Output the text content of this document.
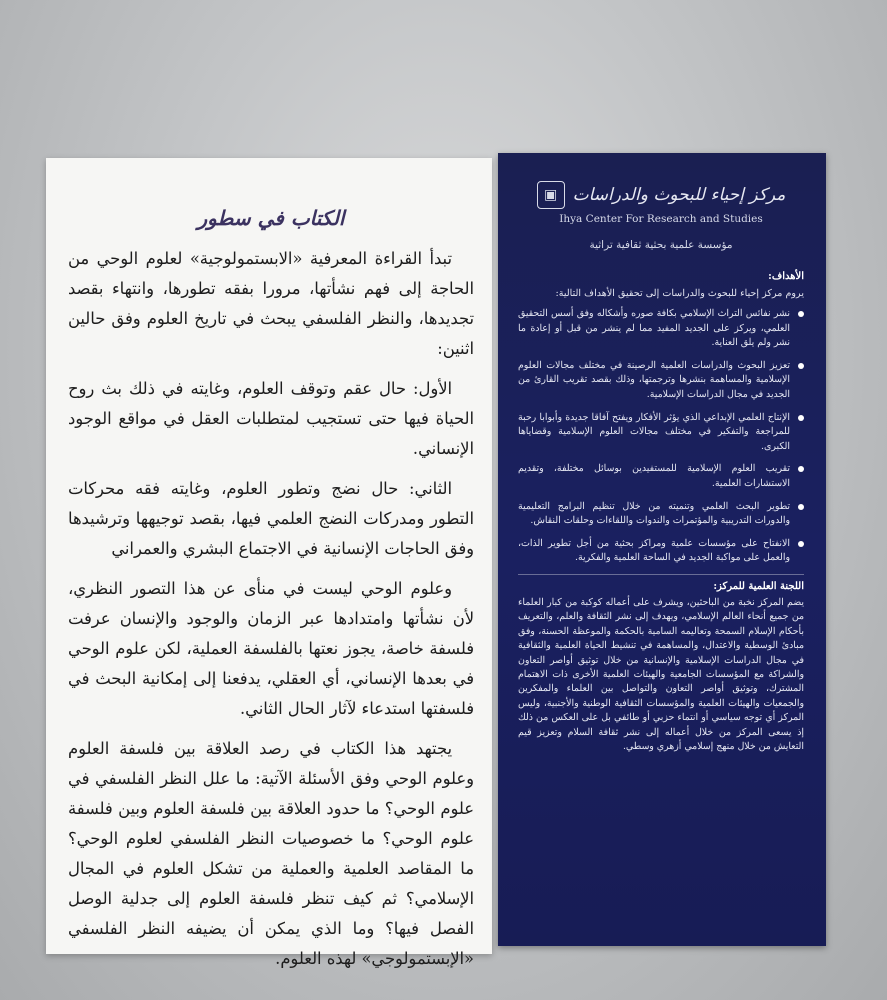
الكتاب في سطور

تبدأ القراءة المعرفية «الابستمولوجية» لعلوم الوحي من الحاجة إلى فهم نشأتها، مرورا بفقه تطورها، وانتهاء بقصد تجديدها، والنظر الفلسفي يبحث في تاريخ العلوم وفق حالين اثنين:

الأول: حال عقم وتوقف العلوم، وغايته في ذلك بث روح الحياة فيها حتى تستجيب لمتطلبات العقل في مواقع الوجود الإنساني.

الثاني: حال نضج وتطور العلوم، وغايته فقه محركات التطور ومدركات النضج العلمي فيها، بقصد توجيهها وترشيدها وفق الحاجات الإنسانية في الاجتماع البشري والعمراني

وعلوم الوحي ليست في منأى عن هذا التصور النظري، لأن نشأتها وامتدادها عبر الزمان والوجود والإنسان عرفت فلسفة خاصة، يجوز نعتها بالفلسفة العملية، لكن علوم الوحي في بعدها الإنساني، أي العقلي، يدفعنا إلى إمكانية البحث في فلسفتها استدعاء لآثار الحال الثاني.

يجتهد هذا الكتاب في رصد العلاقة بين فلسفة العلوم وعلوم الوحي وفق الأسئلة الآتية: ما علل النظر الفلسفي في علوم الوحي؟ ما حدود العلاقة بين فلسفة العلوم وبين فلسفة علوم الوحي؟ ما خصوصيات النظر الفلسفي لعلوم الوحي؟ ما المقاصد العلمية والعملية من تشكل العلوم في المجال الإسلامي؟ ثم كيف تنظر فلسفة العلوم إلى جدلية الوصل الفصل فيها؟ وما الذي يمكن أن يضيفه النظر الفلسفي «الإبستمولوجي» لهذه العلوم.

مركز إحياء للبحوث والدراسات
▣
Ihya Center For Research and Studies
مؤسسة علمية بحثية ثقافية تراثية
الأهداف:

يروم مركز إحياء للبحوث والدراسات إلى تحقيق الأهداف التالية:

نشر نفائس التراث الإسلامي بكافة صوره وأشكاله وفق أسس التحقيق العلمي، ويركز على الجديد المفيد مما لم ينشر من قبل أو إعادة ما نشر ولم يلق العناية.
تعزيز البحوث والدراسات العلمية الرصينة في مختلف مجالات العلوم الإسلامية والمساهمة بنشرها وترجمتها، وذلك بقصد تقريب القارئ من الجديد في مجال الدراسات الإسلامية.
الإنتاج العلمي الإبداعي الذي يؤثر الأفكار ويفتح آفاقا جديدة وأبوابا رحبة للمراجعة والتفكير في مختلف مجالات العلوم الإسلامية وقضاياها الكبرى.
تقريب العلوم الإسلامية للمستفيدين بوسائل مختلفة، وتقديم الاستشارات العلمية.
تطوير البحث العلمي وتنميته من خلال تنظيم البرامج التعليمية والدورات التدريبية والمؤتمرات والندوات واللقاءات وحلقات النقاش.
الانفتاح على مؤسسات علمية ومراكز بحثية من أجل تطوير الذات، والعمل على مواكبة الجديد في الساحة العلمية والفكرية.
اللجنة العلمية للمركز:

يضم المركز نخبة من الباحثين، ويشرف على أعماله كوكبة من كبار العلماء من جميع أنحاء العالم الإسلامي، ويهدف إلى نشر الثقافة والعلم، والتعريف بأحكام الإسلام السمحة وتعاليمه السامية بالحكمة والموعظة الحسنة، وفق مبادئ الوسطية والاعتدال، والمساهمة في تنشيط الحياة العلمية والثقافية في مجال الدراسات الإسلامية والإنسانية من خلال توثيق أواصر التعاون والشراكة مع المؤسسات الجامعية والهيئات العلمية الأخرى ذات الاهتمام المشترك، وتوثيق أواصر التعاون والتواصل بين العلماء والمفكرين والجمعيات والهيئات العلمية والمؤسسات الثقافية الوطنية والأجنبية، وليس المركز أي توجه سياسي أو انتماء حزبي أو طائفي بل على العكس من ذلك إذ يسعى المركز من خلال أعماله إلى نشر ثقافة السلام وتعزيز قيم التعايش من خلال منهج إسلامي أزهري وسطي.
